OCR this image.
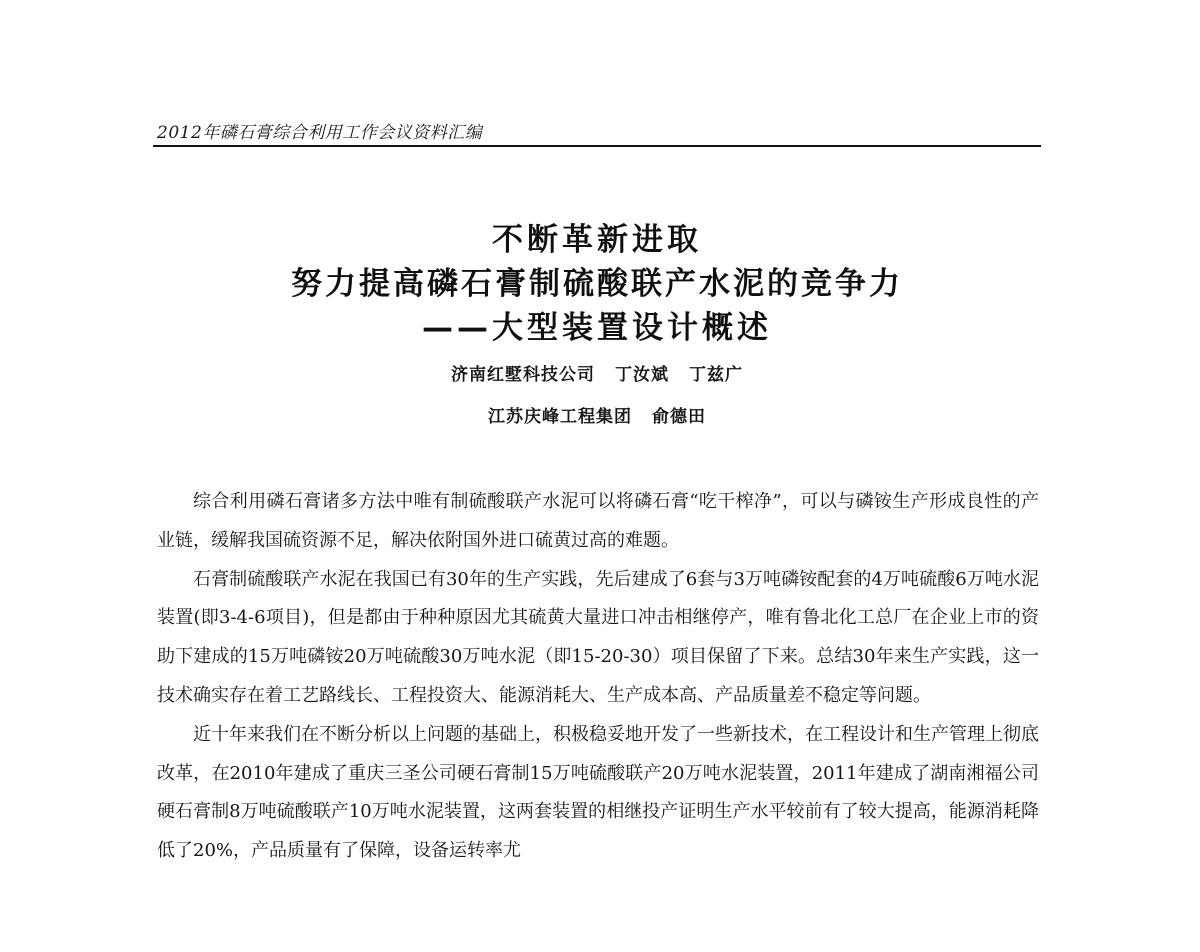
2012年磷石膏综合利用工作会议资料汇编
不断革新进取
努力提高磷石膏制硫酸联产水泥的竞争力
——大型装置设计概述
济南红墅科技公司 丁汝斌 丁兹广
江苏庆峰工程集团 俞德田

综合利用磷石膏诸多方法中唯有制硫酸联产水泥可以将磷石膏“吃干榨净”，可以与磷铵生产形成良性的产业链，缓解我国硫资源不足，解决依附国外进口硫黄过高的难题。

石膏制硫酸联产水泥在我国已有30年的生产实践，先后建成了6套与3万吨磷铵配套的4万吨硫酸6万吨水泥装置(即3-4-6项目)，但是都由于种种原因尤其硫黄大量进口冲击相继停产，唯有鲁北化工总厂在企业上市的资助下建成的15万吨磷铵20万吨硫酸30万吨水泥（即15-20-30）项目保留了下来。总结30年来生产实践，这一技术确实存在着工艺路线长、工程投资大、能源消耗大、生产成本高、产品质量差不稳定等问题。

近十年来我们在不断分析以上问题的基础上，积极稳妥地开发了一些新技术，在工程设计和生产管理上彻底改革，在2010年建成了重庆三圣公司硬石膏制15万吨硫酸联产20万吨水泥装置，2011年建成了湖南湘福公司硬石膏制8万吨硫酸联产10万吨水泥装置，这两套装置的相继投产证明生产水平较前有了较大提高，能源消耗降低了20%，产品质量有了保障，设备运转率尤
